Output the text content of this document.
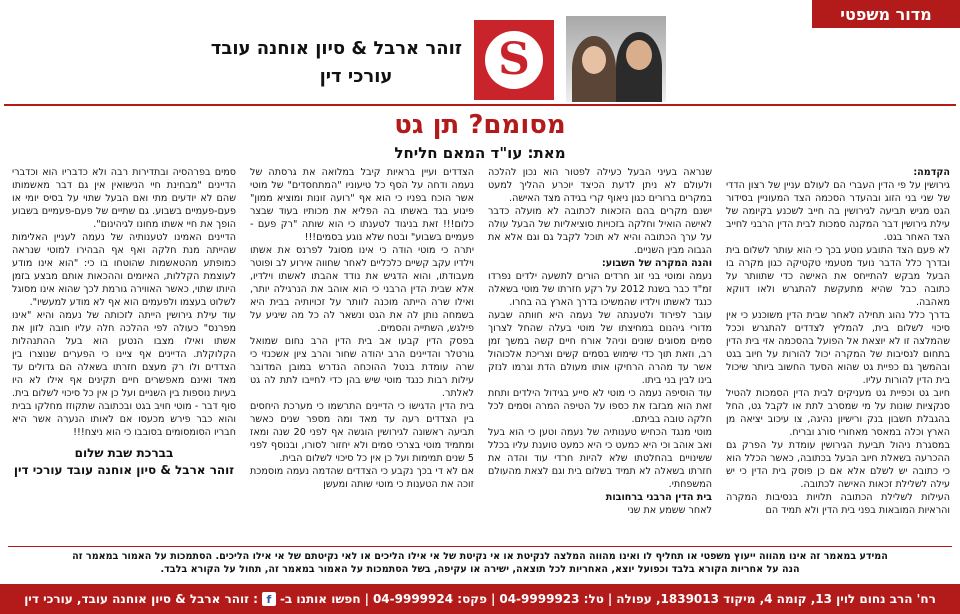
מדור משפטי
S
זוהר ארבל & סיון אוחנה עובד
עורכי דין
מסומם? תן גט
מאת: עו"ד המאם חליחל

הקדמה:
גירושין על פי הדין העברי הם לעולם עניין של רצון הדדי של שני בני הזוג ובהעדר הסכמה הצד המעוניין בסידור הגט מגיש תביעה לגירושין בה חייב לשכנע בקיומה של עילת גירושין דבר המקנה סמכות לבית הדין הרבני לחייב הצד האחר בגט.

לא פעם הצד התובע נוטע בכך כי הוא עותר לשלום בית ובדרך כלל הדבר נועד מטעמי טקטיקה כגון מקרה בו הבעל מבקש להתייחס את האישה כדי שתוותר על כתובה כבל שהיא מתעקשת להתגרש ולאו דווקא מאהבה.

בדרך כלל נהוג תחילה לאחר שבית הדין משוכנע כי אין סיכוי לשלום בית, להמליץ לצדדים להתגרש וככל שהמלצה זו לא יוצאת אל הפועל בהסכמה אזי בית הדין בתחום לנסיבות של המקרה יכול להורות על חיוב בגט ובהמשך גם כפיית גט שהוא הסעד החשוב ביותר שיכול בית הדין להורות עליו.

חיוב גט וכפיית גט מעניקים לבית הדין הסמכות להטיל סנקציות שונות על מי שמסרב לתת או לקבל גט, החל בהגבלת חשבון בנק ורישיון נהיגה, צו עיכוב יציאה מן הארץ וכלה במאסר מאחורי סורג ובריח.

במסגרת ניהול תביעת הגירושין עומדת על הפרק גם ההכרעה בשאלת חיוב הבעל בכתובה, כאשר הכלל הוא כי כתובה יש לשלם אלא אם כן פוסק בית הדין כי יש עילה לשלילת זכאות האישה לכתובה.

העילות לשלילת הכתובה תלויות בנסיבות המקרה והראיות המובאות בפני בית הדין ולא תמיד הם

שנראה בעיני הבעל כעילה לפטור הוא נכון להלכה ולעולם לא ניתן לדעת הכיצד יוכרע ההליך למעט במקרים ברורים כגון ניאוף קרי בגידה מצד האישה.

ישנם מקרים בהם הזכאות לכתובה לא מועלה כדבר לאישה הואיל וחלקה בזכויות סוציאליות של הבעל עולה על ערך הכתובה והיא לא תוכל לקבל גם וגם אלא את הגבוה מבין השניים.

והנה המקרה של השבוע:
נעמה ומוטי בני זוג חרדים הורים לתשעה ילדים נפרדו זמ"ד כבר בשנת 2012 על רקע חזרתו של מוטי בשאלה כנגד לאשתו וילדיו שהמשיכו בדרך הארץ בה בחרו.

עובר לפירוד ולטענתה של נעמה היא חוותה שבעה מדורי גיהנום במחיצתו של מוטי בעלה שהחל לצרוך סמים מסוגים שונים וניהל אורח חיים קשה במשך זמן רב, וזאת תוך כדי שימוש בסמים קשים וצריכת אלכוהול אשר עד מהרה הרחיקו אותו מעולם הדת וגרמו לנזק בינו לבין בני ביתו.

עוד הוסיפה נעמה כי מוטי לא סייע בגידול הילדים ותחת זאת הוא מבזבז את כספו על הטיפה המרה וסמים לכל חלקה טובה בביתם.

מוטי מנגד הכחיש טענותיה של נעמה וטען כי הוא בעל ואב אוהב וכי היא כמעט כי היא כמעט טוענת עליו בכלל ששינויים בהחלטתו שלא להיות חרדי עוד והדה את חזרתו בשאלה לא תמיד בשלום בית וגם לצאת מהעולם המשפחתי.

בית הדין הרבני ברחובות
לאחר ששמע את שני

הצדדים ועיין בראיות קיבל במלואה את גרסתה של נעמה ודחה על הסף כל טיעוניו "המתחסדים" של מוטי אשר הוכח בפניו כי הוא אף "רועה זונות ומוציא ממון" פיגוע בגד באשתו בה הפליא את מכותיו בעוד שבצר כלום!!! זאת בניגוד לטענתו כי הוא שותה "רק פעם - פעמיים בשבוע" ובטח שלא נוגע בסמים!!!

יתרה כי מוטי הודה כי אינו מסוגל לפרנס את אשתו וילדיו עקב קשיים כלכליים לאחר שחווה אירוע לב ופוטר מעבודתו, והוא הדגיש את נודד אהבתו לאשתו וילדיו, אלא שבית הדין הרבני כי הוא אוהב את הנרגילה יותר, ואילו שרה הייתה מוכנה לוותר על זכויותיה בבית היא בשמחה נותן לה את הגט ונשאר לה כל מה שיגיע על פילגש, השתייה והסמים.

בפסק הדין קבעו אב בית הדין הרב נחום שמואל גורטלר והדיינים הרב יהודה שחור והרב ציון אשכנזי כי שרה עומדת בנטל ההוכחה הנדרש במובן המדובר עילות רבות כנגד מוטי שיש בהן כדי לחייבו לתת לה גט לאלתר.

בית הדין הדגישו כי הדיינים התרשמו כי מערכת היחסים בין הצדדים רעה עד מאד ומה מספר שנים כאשר תביעה ראשונה לגירושין הוגשה אף לפני 20 שנה ומאז ומתמיד מוטי בצרכי סמים ולא יחזור לסורו, ובנוסף לפני 5 שנים תמימות ועל כן אין כל סיכוי לשלום הבית.

אם לא די בכך נקבע כי הצדדים שהדמה נעמה מוסמכת זוכה את הטענות כי מוטי שותה ומעשן

סמים בפרהסיה ובתדירות רבה ולא כדבריו הוא וכדברי הדיינים "מבחינת חיי הנישואין אין גם דבר מאשמותו שהם לא יודעים מתי ואם הבעל שתוי על בסיס יומי או פעם-פעמיים בשבוע. גם שתיים של פעם-פעמיים בשבוע הופך את חיי אשתו מחונו לגיהינום".

הדיינים האמינו לטענותיה של נעמה לעניין האלימות שהייתה מנת חלקה ואף אף הבהירו למוטי שנראה כמופתע מהטאשמות שהוטחו בו כי: "הוא אינו מודע לעוצמת הקללות, האיומים וההכאות אותם מבצע בזמן היותו שתוי, כאשר האווירה גורמת לכך שהוא אינו מסוגל לשלוט בעצמו ולפעמים הוא אף לא מודע למעשיו".

עוד עילת גירושין הייתה לזכותה של נעמה והיא "אינו מפרנס" כעולה לפי ההלכה חלה עליו חובה לזון את אשתו ואילו מצבו הנטען הוא בעל ההתנהלות הקלוקלת. הדיינים אף ציינו כי הפערים שנוצרו בין הצדדים ולו רק מעצם חזרתו בשאלה הם גדולים עד מאד ואינם מאפשרים חיים תקינים אף אילו לא היו בעיות נוספות בין השניים ועל כן אין כל סיכוי לשלום בית.

סוף דבר - מוטי חויב בגט ובכתובה שתקוזז מחלקו בבית והוא כבר פירש מכעסו אם לאותו הנערה אשר היא חבריו הסומסומים בסובבו כי הוא ניצח!!!

בברכת שבת שלום
זוהר ארבל & סיון אוחנה עובד עורכי דין
המידע במאמר זה אינו מהווה ייעוץ משפטי או תחליף לו ואינו מהווה המלצה לנקיטת או אי נקיטת של אי אילו הליכים או לאי נקיטתם של אי אילו הליכים. הסתמכות על האמור במאמר זה
הנה על אחריות הקורא בלבד וכפועל יוצא, האחריות לכל תוצאה, ישירה או עקיפה, בשל הסתמכות על האמור במאמר זה, תחול על הקורא בלבד.
רח' הרב נחום לוין 13, קומה 4, מיקוד 1839013, עפולה
|
טל: 04-9999923
|
פקס: 04-9999924
|
חפשו אותנו ב-
f
: זוהר ארבל & סיון אוחנה עובד, עורכי דין
